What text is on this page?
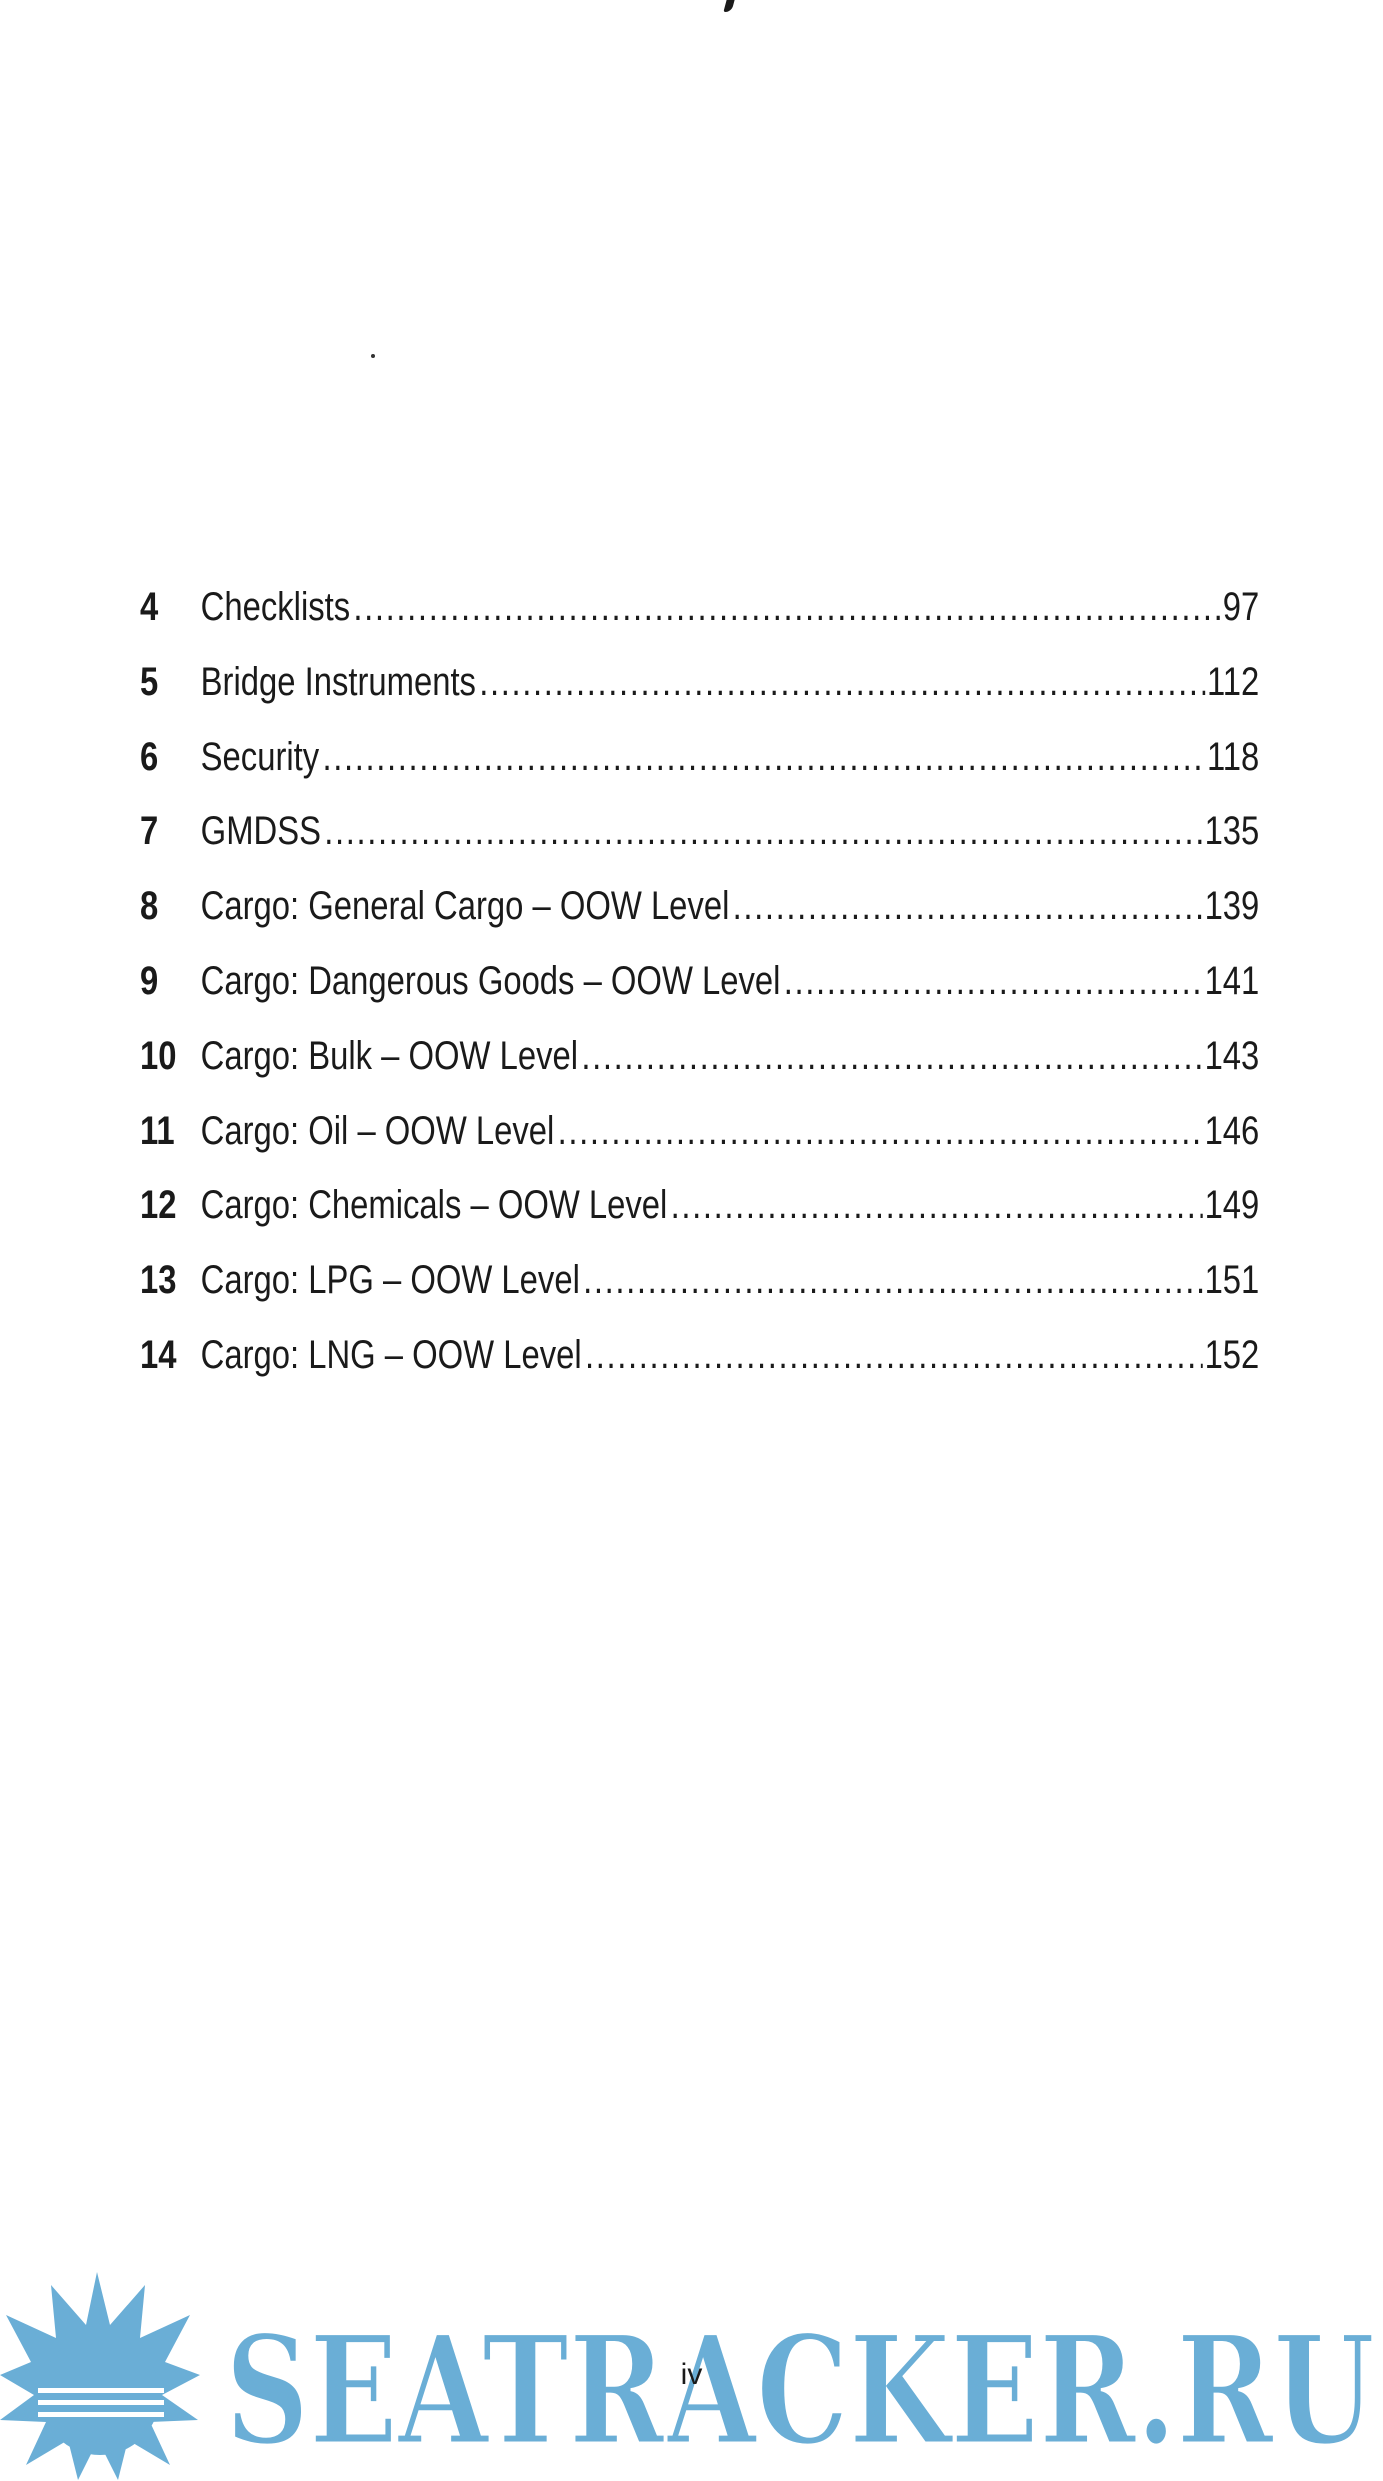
4	Checklists .....	97
5	Bridge Instruments .....	112
6	Security .....	118
7	GMDSS .....	135
8	Cargo: General Cargo – OOW Level .....	139
9	Cargo: Dangerous Goods – OOW Level .....	141
10 Cargo: Bulk – OOW Level .....	143
11 Cargo: Oil – OOW Level .....	146
12 Cargo: Chemicals – OOW Level .....	149
13 Cargo: LPG – OOW Level .....	151
14 Cargo: LNG – OOW Level .....	152
SEATRACKER.RU
iv
